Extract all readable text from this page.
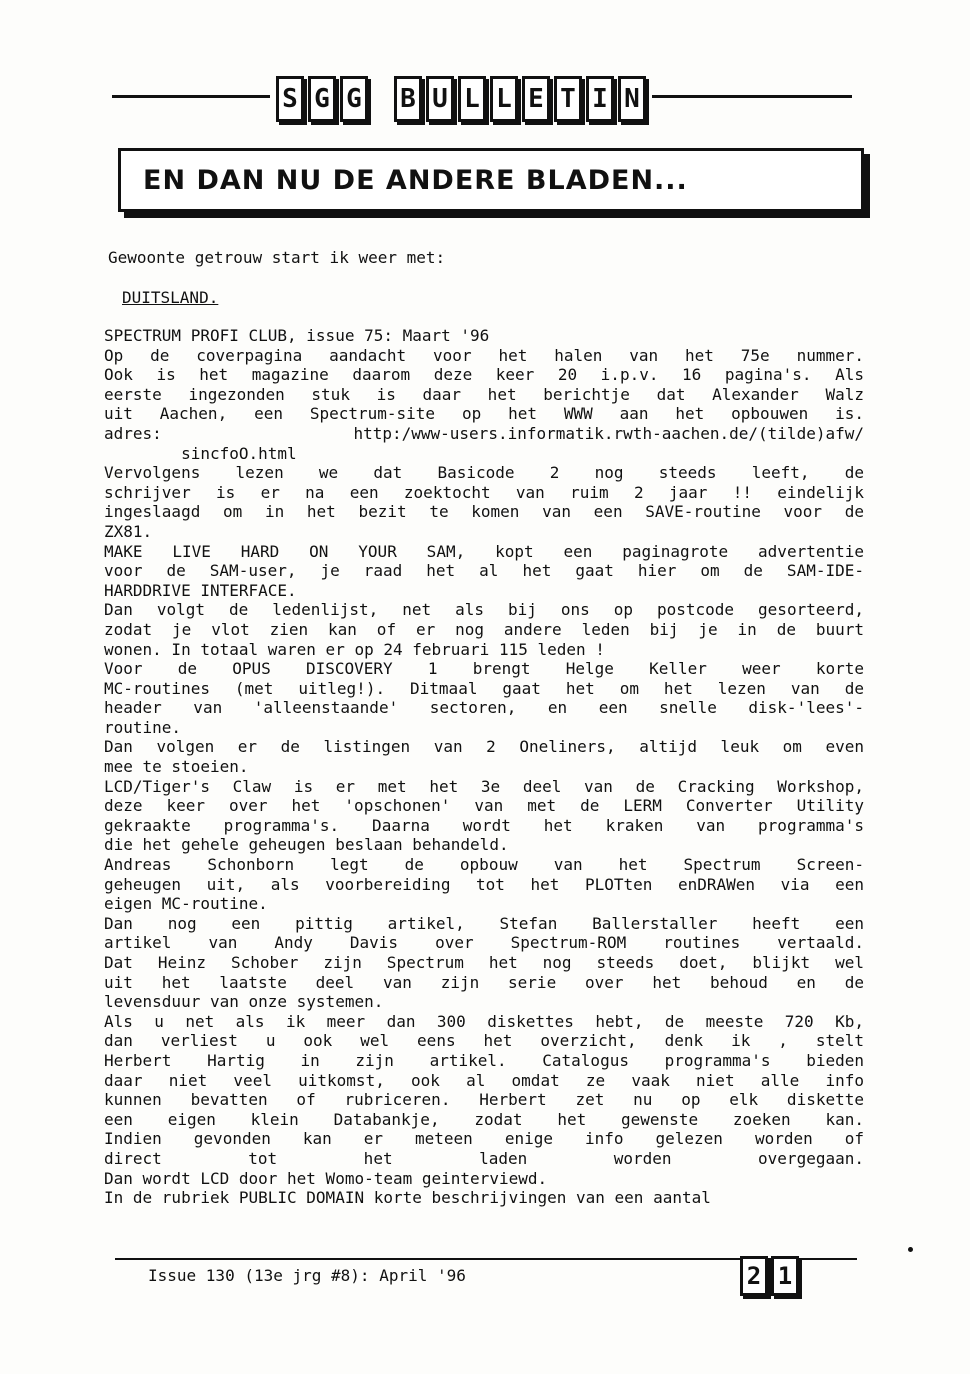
S G G B U L L E T I N
EN DAN NU DE ANDERE BLADEN...
Gewoonte getrouw start ik weer met:
DUITSLAND.
SPECTRUM PROFI CLUB, issue 75: Maart '96
Op de coverpagina aandacht voor het halen van het 75e nummer.
Ook is het magazine daarom deze keer 20 i.p.v. 16 pagina's. Als
eerste ingezonden stuk is daar het berichtje dat Alexander Walz
uit Aachen, een Spectrum-site op het WWW aan het opbouwen is.
adres:  http:/www-users.informatik.rwth-aachen.de/(tilde)afw/
sincfoO.html
Vervolgens lezen we dat Basicode 2 nog steeds leeft, de
schrijver is er na een zoektocht van ruim 2 jaar !! eindelijk
ingeslaagd om in het bezit te komen van een SAVE-routine voor de
ZX81.
MAKE LIVE HARD ON YOUR SAM, kopt een paginagrote advertentie
voor de SAM-user, je raad het al het gaat hier om de SAM-IDE-
HARDDRIVE INTERFACE.
Dan volgt de ledenlijst, net als bij ons op postcode gesorteerd,
zodat je vlot zien kan of er nog andere leden bij je in de buurt
wonen. In totaal waren er op 24 februari 115 leden !
Voor de OPUS DISCOVERY 1 brengt Helge Keller weer korte
MC-routines (met uitleg!). Ditmaal gaat het om het lezen van de
header van 'alleenstaande' sectoren, en een snelle disk-'lees'-
routine.
Dan volgen er de listingen van 2 Oneliners, altijd leuk om even
mee te stoeien.
LCD/Tiger's Claw is er met het 3e deel van de Cracking Workshop,
deze keer over het 'opschonen' van met de LERM Converter Utility
gekraakte programma's. Daarna wordt het kraken van programma's
die het gehele geheugen beslaan behandeld.
Andreas Schonborn legt de opbouw van het Spectrum Screen-
geheugen uit, als voorbereiding tot het PLOTten enDRAWen via een
eigen MC-routine.
Dan nog een pittig artikel, Stefan Ballerstaller heeft een
artikel van Andy Davis over Spectrum-ROM routines vertaald.
Dat Heinz Schober zijn Spectrum het nog steeds doet, blijkt wel
uit het laatste deel van zijn serie over het behoud en de
levensduur van onze systemen.
Als u net als ik meer dan 300 diskettes hebt, de meeste 720 Kb,
dan verliest u ook wel eens het overzicht, denk ik , stelt
Herbert Hartig in zijn artikel. Catalogus programma's bieden
daar niet veel uitkomst, ook al omdat ze vaak niet alle info
kunnen bevatten of rubriceren. Herbert zet nu op elk diskette
een eigen klein Databankje, zodat het gewenste zoeken kan.
Indien gevonden kan er meteen enige info gelezen worden of
direct tot het laden worden overgegaan.
Dan wordt LCD door het Womo-team geinterviewd.
In de rubriek PUBLIC DOMAIN korte beschrijvingen van een aantal
Issue 130 (13e jrg #8): April '96	2 1
